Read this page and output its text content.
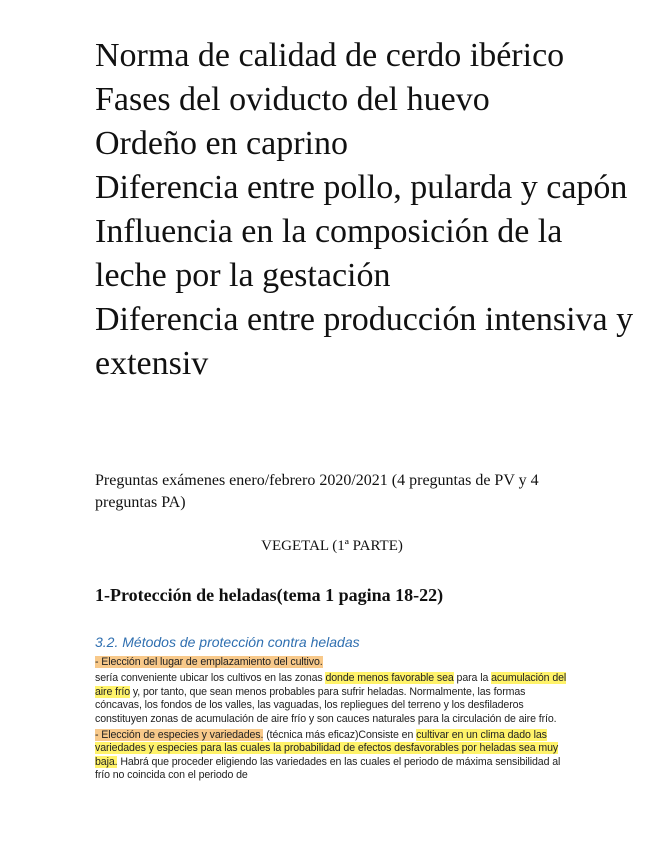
Norma de calidad de cerdo ibérico
Fases del oviducto del huevo
Ordeño en caprino
Diferencia entre pollo, pularda y capón
Influencia en la composición de la leche por la gestación
Diferencia entre producción intensiva y extensiv

Preguntas exámenes enero/febrero 2020/2021 (4 preguntas de PV y 4 preguntas PA)

VEGETAL (1ª PARTE)

1-Protección de heladas(tema 1 pagina 18-22)

3.2. Métodos de protección contra heladas

- Elección del lugar de emplazamiento del cultivo.

sería conveniente ubicar los cultivos en las zonas donde menos favorable sea para la acumulación del aire frío y, por tanto, que sean menos probables para sufrir heladas. Normalmente, las formas cóncavas, los fondos de los valles, las vaguadas, los repliegues del terreno y los desfiladeros constituyen zonas de acumulación de aire frío y son cauces naturales para la circulación de aire frío.

- Elección de especies y variedades. (técnica más eficaz)Consiste en cultivar en un clima dado las variedades y especies para las cuales la probabilidad de efectos desfavorables por heladas sea muy baja. Habrá que proceder eligiendo las variedades en las cuales el periodo de máxima sensibilidad al frío no coincida con el periodo de
